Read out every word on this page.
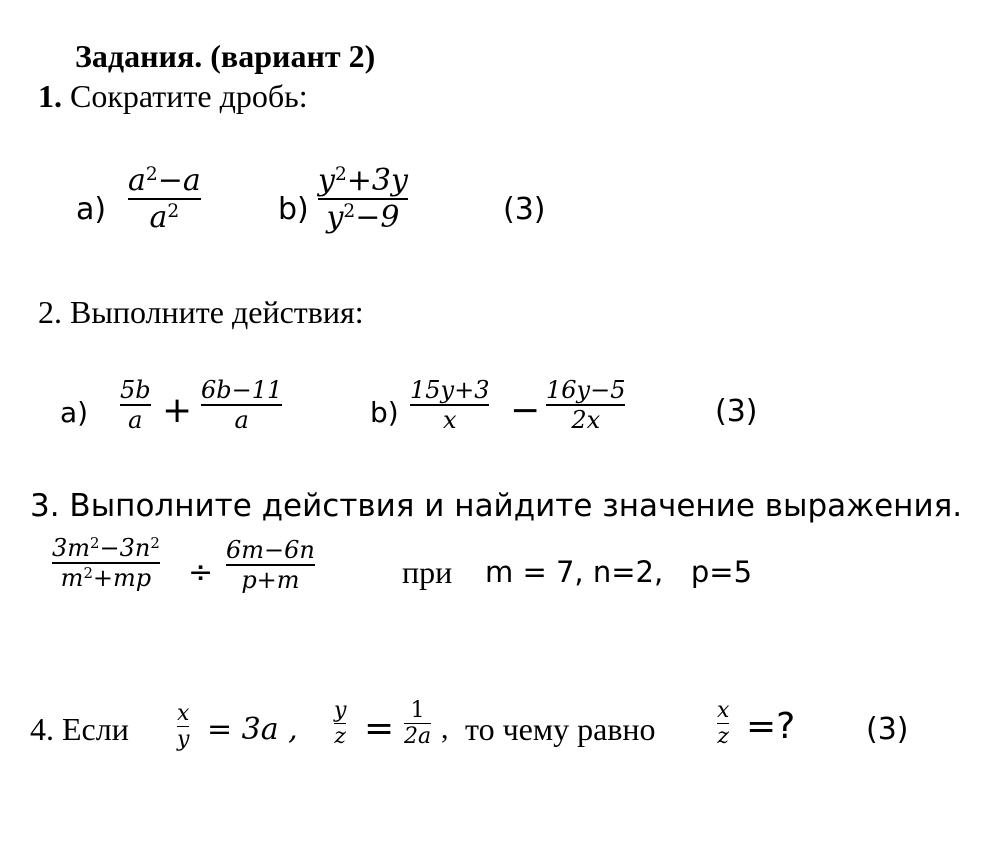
Задания. (вариант 2)
1. Сократите дробь:
a)
$a^2-a$
$a^2$	b)
$y^2+3y$
$y^2-9$	(3)
2. Выполните действия:
a)
5b
a + 6b−11
a	b)
15y+3
x − 16y−5
2x	(3)
3. Выполните действия и найдите значение выражения.
$3m^2-3n^2$
$m^2+mp$ ÷
6m−6n
p+m	при m = 7, n=2,   p=5
4. Если x
y = 3a ,
y
z = 1
2a , то чему равно
x
z =? (3)
